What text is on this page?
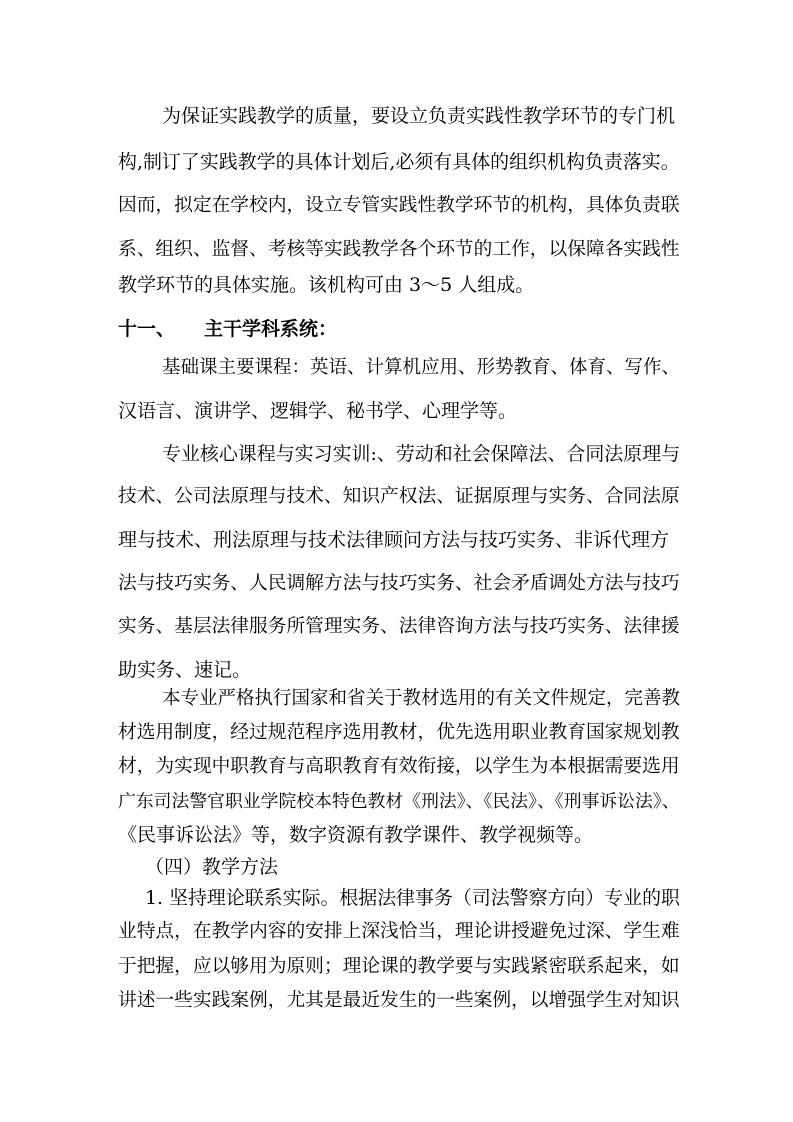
为保证实践教学的质量，要设立负责实践性教学环节的专门机
构,制订了实践教学的具体计划后,必须有具体的组织机构负责落实。
因而，拟定在学校内，设立专管实践性教学环节的机构，具体负责联
系、组织、监督、考核等实践教学各个环节的工作，以保障各实践性
教学环节的具体实施。该机构可由 3～5 人组成。
十一、 主干学科系统：
基础课主要课程：英语、计算机应用、形势教育、体育、写作、
汉语言、演讲学、逻辑学、秘书学、心理学等。
专业核心课程与实习实训:、劳动和社会保障法、合同法原理与
技术、公司法原理与技术、知识产权法、证据原理与实务、合同法原
理与技术、刑法原理与技术法律顾问方法与技巧实务、非诉代理方
法与技巧实务、人民调解方法与技巧实务、社会矛盾调处方法与技巧
实务、基层法律服务所管理实务、法律咨询方法与技巧实务、法律援
助实务、速记。
本专业严格执行国家和省关于教材选用的有关文件规定，完善教
材选用制度，经过规范程序选用教材，优先选用职业教育国家规划教
材，为实现中职教育与高职教育有效衔接，以学生为本根据需要选用
广东司法警官职业学院校本特色教材《刑法》、《民法》、《刑事诉讼法》、
《民事诉讼法》等，数字资源有教学课件、教学视频等。
（四）教学方法
1. 坚持理论联系实际。根据法律事务（司法警察方向）专业的职
业特点，在教学内容的安排上深浅恰当，理论讲授避免过深、学生难
于把握，应以够用为原则；理论课的教学要与实践紧密联系起来，如
讲述一些实践案例，尤其是最近发生的一些案例，以增强学生对知识
